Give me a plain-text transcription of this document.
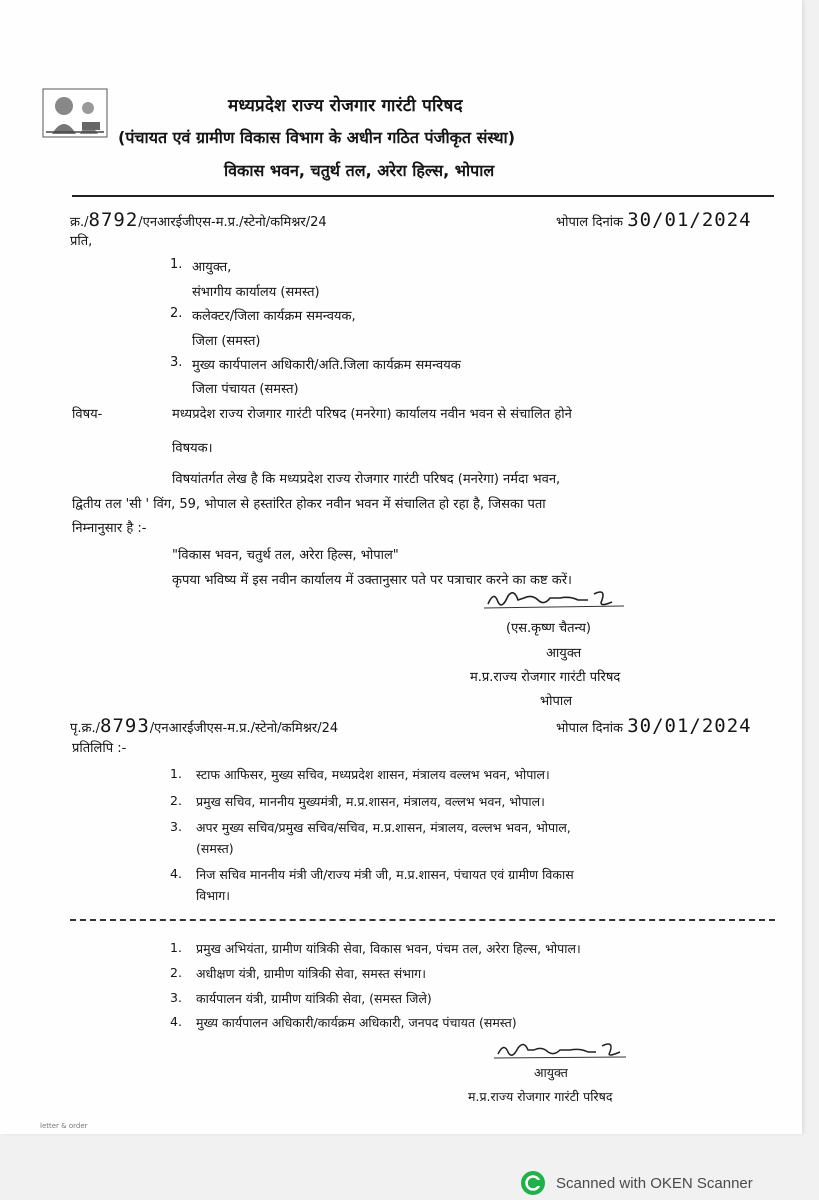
मध्यप्रदेश राज्य रोजगार गारंटी परिषद
(पंचायत एवं ग्रामीण विकास विभाग के अधीन गठित पंजीकृत संस्था)
विकास भवन, चतुर्थ तल, अरेरा हिल्स, भोपाल
क्र./8792/एनआरईजीएस-म.प्र./स्टेनो/कमिश्नर/24	भोपाल दिनांक 30/01/2024
प्रति,
1. आयुक्त,
संभागीय कार्यालय (समस्त)
2. कलेक्टर/जिला कार्यक्रम समन्वयक,
जिला (समस्त)
3. मुख्य कार्यपालन अधिकारी/अति.जिला कार्यक्रम समन्वयक
जिला पंचायत (समस्त)
विषय-	मध्यप्रदेश राज्य रोजगार गारंटी परिषद (मनरेगा) कार्यालय नवीन भवन से संचालित होने
विषयक।
विषयांतर्गत लेख है कि मध्यप्रदेश राज्य रोजगार गारंटी परिषद (मनरेगा) नर्मदा भवन,
द्वितीय तल 'सी ' विंग, 59, भोपाल से हस्तांरित होकर नवीन भवन में संचालित हो रहा है, जिसका पता
निम्नानुसार है :-
"विकास भवन, चतुर्थ तल, अरेरा हिल्स, भोपाल"
कृपया भविष्य में इस नवीन कार्यालय में उक्तानुसार पते पर पत्राचार करने का कष्ट करें।
(एस.कृष्ण चैतन्य)
आयुक्त
म.प्र.राज्य रोजगार गारंटी परिषद
भोपाल
पृ.क्र./8793/एनआरईजीएस-म.प्र./स्टेनो/कमिश्नर/24	भोपाल दिनांक 30/01/2024
प्रतिलिपि :-
1. स्टाफ आफिसर, मुख्य सचिव, मध्यप्रदेश शासन, मंत्रालय वल्लभ भवन, भोपाल।
2. प्रमुख सचिव, माननीय मुख्यमंत्री, म.प्र.शासन, मंत्रालय, वल्लभ भवन, भोपाल।
3. अपर मुख्य सचिव/प्रमुख सचिव/सचिव, म.प्र.शासन, मंत्रालय, वल्लभ भवन, भोपाल,
(समस्त)
4. निज सचिव माननीय मंत्री जी/राज्य मंत्री जी, म.प्र.शासन, पंचायत एवं ग्रामीण विकास
विभाग।
1. प्रमुख अभियंता, ग्रामीण यांत्रिकी सेवा, विकास भवन, पंचम तल, अरेरा हिल्स, भोपाल।
2. अधीक्षण यंत्री, ग्रामीण यांत्रिकी सेवा, समस्त संभाग।
3. कार्यपालन यंत्री, ग्रामीण यांत्रिकी सेवा, (समस्त जिले)
4. मुख्य कार्यपालन अधिकारी/कार्यक्रम अधिकारी, जनपद पंचायत (समस्त)
आयुक्त
म.प्र.राज्य रोजगार गारंटी परिषद
letter & order
Scanned with OKEN Scanner
